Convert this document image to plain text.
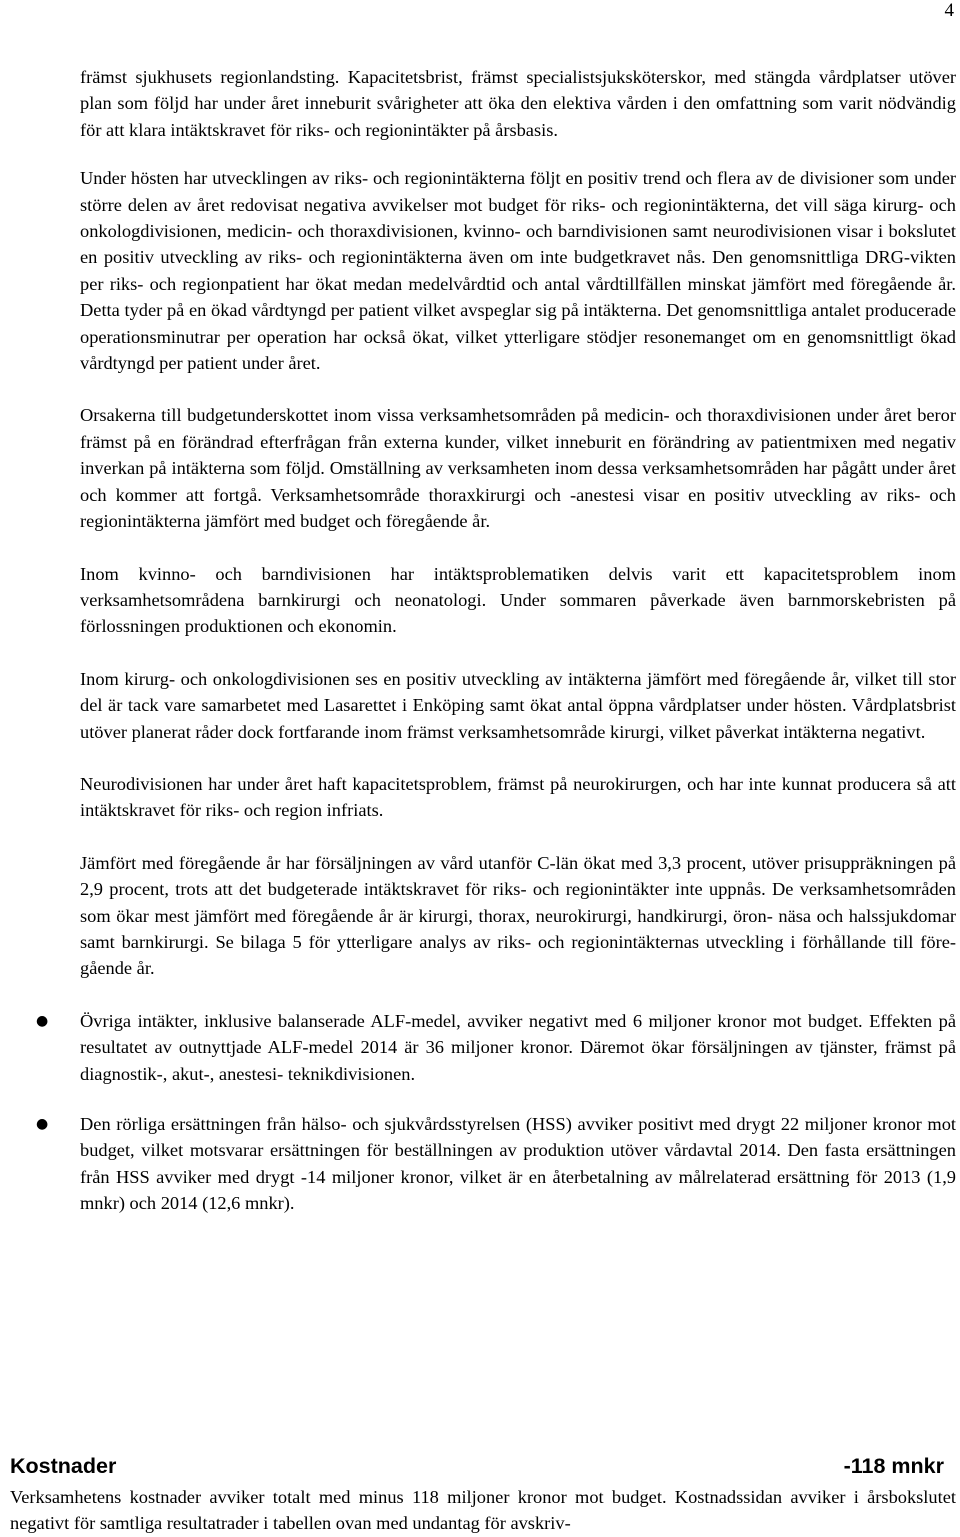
4

främst sjukhusets regionlandsting. Kapacitetsbrist, främst specialistsjuksköterskor, med stängda vårdplatser utöver plan som följd har under året inneburit svårigheter att öka den elektiva vården i den omfattning som varit nödvändig för att klara intäktskravet för riks- och regionintäkter på årsbasis.

Under hösten har utvecklingen av riks- och regionintäkterna följt en positiv trend och flera av de divisioner som under större delen av året redovisat negativa avvikelser mot budget för riks- och regionintäkterna, det vill säga kirurg- och onkologdivisionen, medicin- och thoraxdivisionen, kvinno- och barndivisionen samt neurodivisionen visar i bokslutet en positiv utveckling av riks- och regionintäkterna även om inte budgetkravet nås. Den genomsnittliga DRG-vikten per riks- och regionpatient har ökat medan medelvårdtid och antal vårdtillfällen minskat jämfört med föregående år. Detta tyder på en ökad vårdtyngd per patient vilket avspeglar sig på intäkterna. Det genomsnittliga antalet producerade operationsminutrar per operation har också ökat, vilket ytterligare stödjer resonemanget om en genomsnittligt ökad vårdtyngd per patient under året.

Orsakerna till budgetunderskottet inom vissa verksamhetsområden på medicin- och thoraxdivisionen under året beror främst på en förändrad efterfrågan från externa kunder, vilket inneburit en förändring av patientmixen med negativ inverkan på intäkterna som följd. Omställning av verksamheten inom dessa verksamhetsområden har pågått under året och kommer att fortgå. Verksamhetsområde thoraxkirurgi och -anestesi visar en positiv utveckling av riks- och regionintäkterna jämfört med budget och föregående år.

Inom kvinno- och barndivisionen har intäktsproblematiken delvis varit ett kapacitetsproblem inom verksamhetsområdena barnkirurgi och neonatologi. Under sommaren påverkade även barnmorskebristen på förlossningen produktionen och ekonomin.

Inom kirurg- och onkologdivisionen ses en positiv utveckling av intäkterna jämfört med föregående år, vilket till stor del är tack vare samarbetet med Lasarettet i Enköping samt ökat antal öppna vårdplatser under hösten. Vårdplatsbrist utöver planerat råder dock fortfarande inom främst verksamhetsområde kirurgi, vilket påverkat intäkterna negativt.

Neurodivisionen har under året haft kapacitetsproblem, främst på neurokirurgen, och har inte kunnat producera så att intäktskravet för riks- och region infriats.

Jämfört med föregående år har försäljningen av vård utanför C-län ökat med 3,3 procent, utöver prisuppräkningen på 2,9 procent, trots att det budgeterade intäktskravet för riks- och regionintäkter inte uppnås. De verksamhetsområden som ökar mest jämfört med föregående år är kirurgi, thorax, neurokirurgi, handkirurgi, öron- näsa och halssjukdomar samt barnkirurgi. Se bilaga 5 för ytterligare analys av riks- och regionintäkternas utveckling i förhållande till föregående år.

● Övriga intäkter, inklusive balanserade ALF-medel, avviker negativt med 6 miljoner kronor mot budget. Effekten på resultatet av outnyttjade ALF-medel 2014 är 36 miljoner kronor. Däremot ökar försäljningen av tjänster, främst på diagnostik-, akut-, anestesi- teknikdivisionen.
● Den rörliga ersättningen från hälso- och sjukvårdsstyrelsen (HSS) avviker positivt med drygt 22 miljoner kronor mot budget, vilket motsvarar ersättningen för beställningen av produktion utöver vårdavtal 2014. Den fasta ersättningen från HSS avviker med drygt -14 miljoner kronor, vilket är en återbetalning av målrelaterad ersättning för 2013 (1,9 mnkr) och 2014 (12,6 mnkr).
Kostnader	-118 mnkr

Verksamhetens kostnader avviker totalt med minus 118 miljoner kronor mot budget. Kostnadssidan avviker i årsbokslutet negativt för samtliga resultatrader i tabellen ovan med undantag för avskriv-
